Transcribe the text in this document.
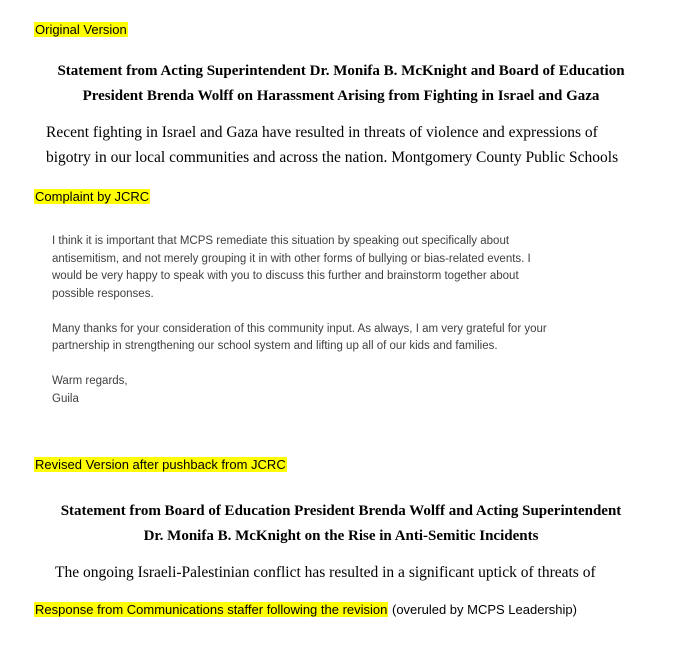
Original Version
Statement from Acting Superintendent Dr. Monifa B. McKnight and Board of Education
President Brenda Wolff on Harassment Arising from Fighting in Israel and Gaza
Recent fighting in Israel and Gaza have resulted in threats of violence and expressions of
bigotry in our local communities and across the nation. Montgomery County Public Schools
Complaint by JCRC
I think it is important that MCPS remediate this situation by speaking out specifically about
antisemitism, and not merely grouping it in with other forms of bullying or bias-related events. I
would be very happy to speak with you to discuss this further and brainstorm together about
possible responses.
Many thanks for your consideration of this community input. As always, I am very grateful for your
partnership in strengthening our school system and lifting up all of our kids and families.
Warm regards,
Guila
Revised Version after pushback from JCRC
Statement from Board of Education President Brenda Wolff and Acting Superintendent
Dr. Monifa B. McKnight on the Rise in Anti-Semitic Incidents
The ongoing Israeli-Palestinian conflict has resulted in a significant uptick of threats of
Response from Communications staffer following the revision (overuled by MCPS Leadership)
